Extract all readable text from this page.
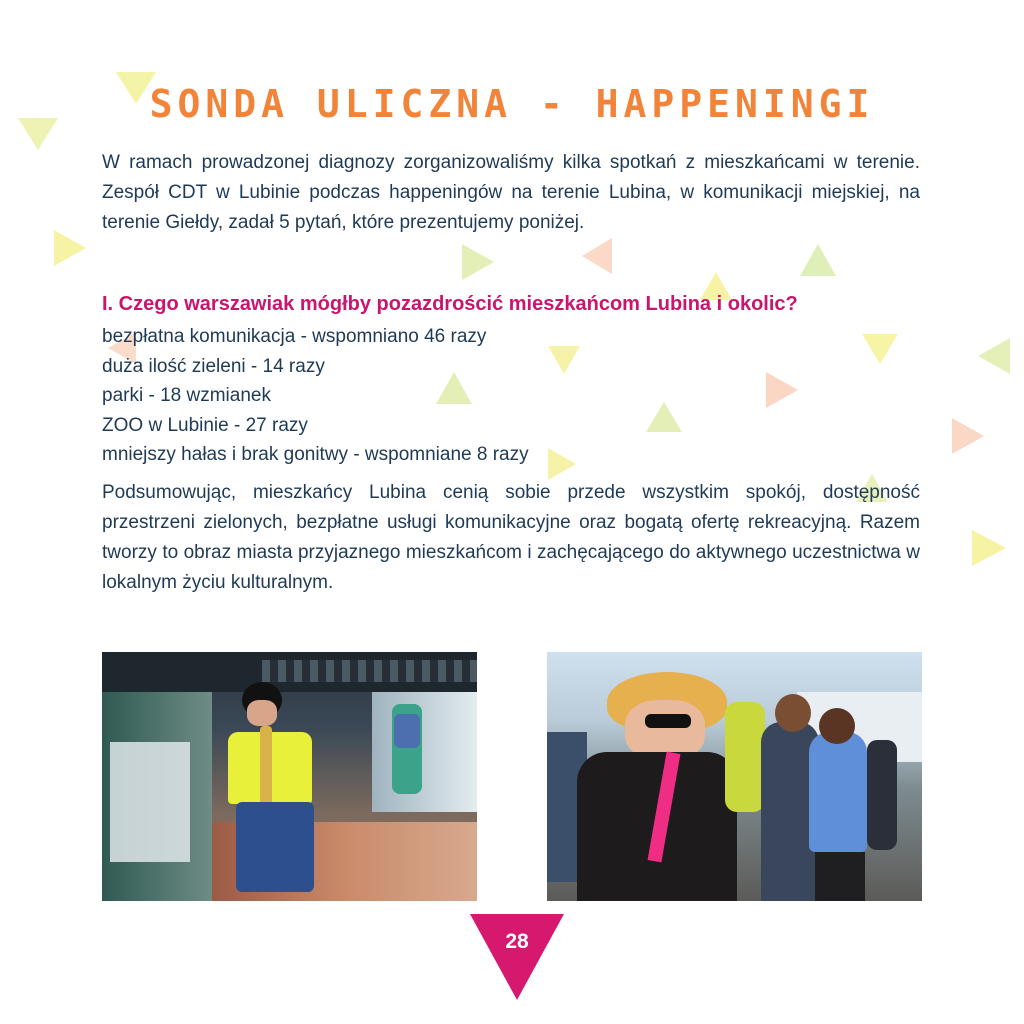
SONDA ULICZNA - HAPPENINGI

W ramach prowadzonej diagnozy zorganizowaliśmy kilka spotkań z mieszkańcami w terenie. Zespół CDT w Lubinie podczas happeningów na terenie Lubina, w komunikacji miejskiej, na terenie Giełdy, zadał 5 pytań, które prezentujemy poniżej.

I. Czego warszawiak mógłby pozazdrościć mieszkańcom Lubina i okolic?
bezpłatna komunikacja - wspomniano 46 razy
duża ilość zieleni - 14 razy
parki - 18 wzmianek
ZOO w Lubinie - 27 razy
mniejszy hałas i brak gonitwy - wspomniane 8 razy

Podsumowując, mieszkańcy Lubina cenią sobie przede wszystkim spokój, dostępność przestrzeni zielonych, bezpłatne usługi komunikacyjne oraz bogatą ofertę rekreacyjną. Razem tworzy to obraz miasta przyjaznego mieszkańcom i zachęcającego do aktywnego uczestnictwa w lokalnym życiu kulturalnym.

28
